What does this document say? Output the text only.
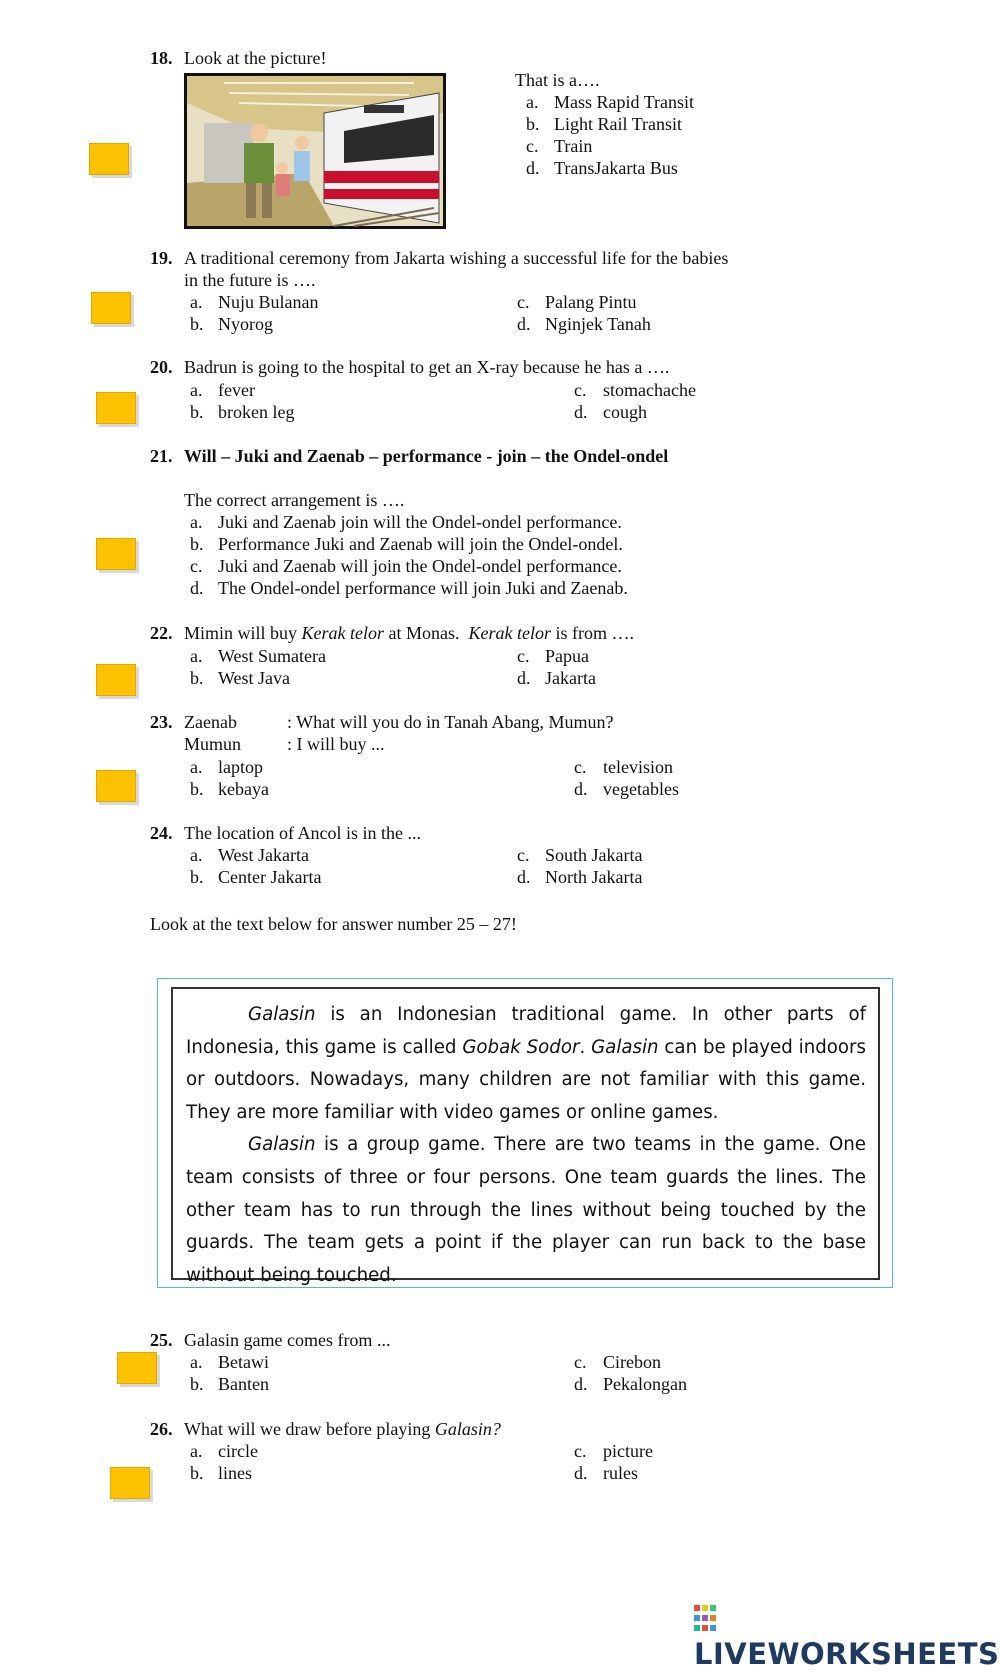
18. Look at the picture!
That is a….
a. Mass Rapid Transit
b. Light Rail Transit
c. Train
d. TransJakarta Bus
19. A traditional ceremony from Jakarta wishing a successful life for the babies
in the future is ….
a. Nuju Bulanan
b. Nyorog
c. Palang Pintu
d. Nginjek Tanah
20. Badrun is going to the hospital to get an X-ray because he has a ….
a. fever
b. broken leg
c. stomachache
d. cough
21. Will – Juki and Zaenab – performance - join – the Ondel-ondel
The correct arrangement is ….
a. Juki and Zaenab join will the Ondel-ondel performance.
b. Performance Juki and Zaenab will join the Ondel-ondel.
c. Juki and Zaenab will join the Ondel-ondel performance.
d. The Ondel-ondel performance will join Juki and Zaenab.
22. Mimin will buy Kerak telor at Monas.  Kerak telor is from ….
a. West Sumatera
b. West Java
c. Papua
d. Jakarta
23. Zaenab	: What will you do in Tanah Abang, Mumun?
Mumun	: I will buy ...
a. laptop
b. kebaya
c. television
d. vegetables
24. The location of Ancol is in the ...
a. West Jakarta
b. Center Jakarta
c. South Jakarta
d. North Jakarta
Look at the text below for answer number 25 – 27!

Galasin is an Indonesian traditional game. In other parts of Indonesia, this game is called Gobak Sodor. Galasin can be played indoors or outdoors. Nowadays, many children are not familiar with this game. They are more familiar with video games or online games.

Galasin is a group game. There are two teams in the game. One team consists of three or four persons. One team guards the lines. The other team has to run through the lines without being touched by the guards. The team gets a point if the player can run back to the base without being touched.

25. Galasin game comes from ...
a. Betawi
b. Banten
c. Cirebon
d. Pekalongan
26. What will we draw before playing Galasin?
a. circle
b. lines
c. picture
d. rules
LIVEWORKSHEETS
